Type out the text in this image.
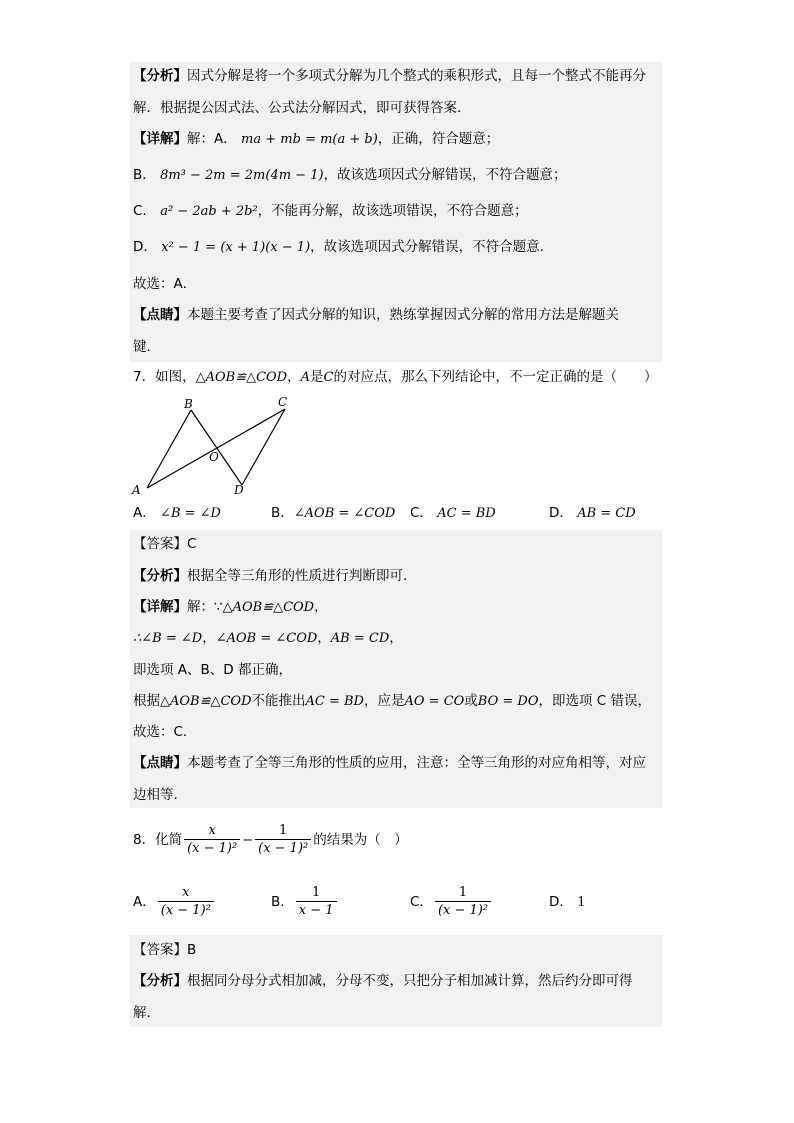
【分析】因式分解是将一个多项式分解为几个整式的乘积形式，且每一个整式不能再分
解．根据提公因式法、公式法分解因式，即可获得答案．
【详解】解：A． ma + mb = m(a + b)，正确，符合题意；
B． 8m³ − 2m = 2m(4m − 1)，故该选项因式分解错误，不符合题意；
C． a² − 2ab + 2b²，不能再分解，故该选项错误，不符合题意；
D． x² − 1 = (x + 1)(x − 1)，故该选项因式分解错误，不符合题意．
故选：A．
【点睛】本题主要考查了因式分解的知识，熟练掌握因式分解的常用方法是解题关
键．
7．如图，△AOB≌△COD，A是C的对应点，那么下列结论中，不一定正确的是（　　）
B	C
O
A	D
A． ∠B = ∠D	B．∠AOB = ∠COD C． AC = BD	D． AB = CD
【答案】C
【分析】根据全等三角形的性质进行判断即可．
【详解】解：∵△AOB≌△COD，
∴∠B = ∠D，∠AOB = ∠COD，AB = CD，
即选项 A、B、D 都正确，
根据△AOB≌△COD不能推出AC = BD，应是AO = CO或BO = DO，即选项 C 错误，
故选：C．
【点睛】本题考查了全等三角形的性质的应用，注意：全等三角形的对应角相等，对应
边相等．
8．化简 $\frac{x}{\text{(x − 1)²}} - \frac{1}{\text{(x − 1)²}}$ 的结果为（　）
A． $\frac{x}{\text{(x − 1)²}}$	B． $\frac{1}{x - 1}$	C． $\frac{1}{\text{(x − 1)²}}$	D． 1
【答案】B
【分析】根据同分母分式相加减，分母不变，只把分子相加减计算，然后约分即可得
解．
